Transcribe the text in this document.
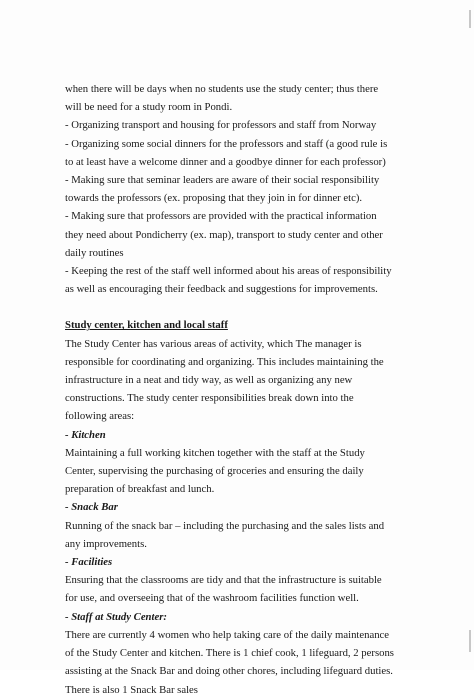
when there will be days when no students use the study center; thus there will be need for a study room in Pondi.

- Organizing transport and housing for professors and staff from Norway

- Organizing some social dinners for the professors and staff (a good rule is to at least have a welcome dinner and a goodbye dinner for each professor)

- Making sure that seminar leaders are aware of their social responsibility towards the professors (ex. proposing that they join in for dinner etc).

- Making sure that professors are provided with the practical information they need about Pondicherry (ex. map), transport to study center and other daily routines

- Keeping the rest of the staff well informed about his areas of responsibility as well as encouraging their feedback and suggestions for improvements.

Study center, kitchen and local staff

The Study Center has various areas of activity, which The manager is responsible for coordinating and organizing. This includes maintaining the infrastructure in a neat and tidy way, as well as organizing any new constructions. The study center responsibilities break down into the following areas:

- Kitchen

Maintaining a full working kitchen together with the staff at the Study Center, supervising the purchasing of groceries and ensuring the daily preparation of breakfast and lunch.

- Snack Bar

Running of the snack bar – including the purchasing and the sales lists and any improvements.

- Facilities

Ensuring that the classrooms are tidy and that the infrastructure is suitable for use, and overseeing that of the washroom facilities function well.

- Staff at Study Center:

There are currently 4 women who help taking care of the daily maintenance of the Study Center and kitchen. There is 1 chief cook, 1 lifeguard, 2 persons assisting at the Snack Bar and doing other chores, including lifeguard duties. There is also 1 Snack Bar sales
